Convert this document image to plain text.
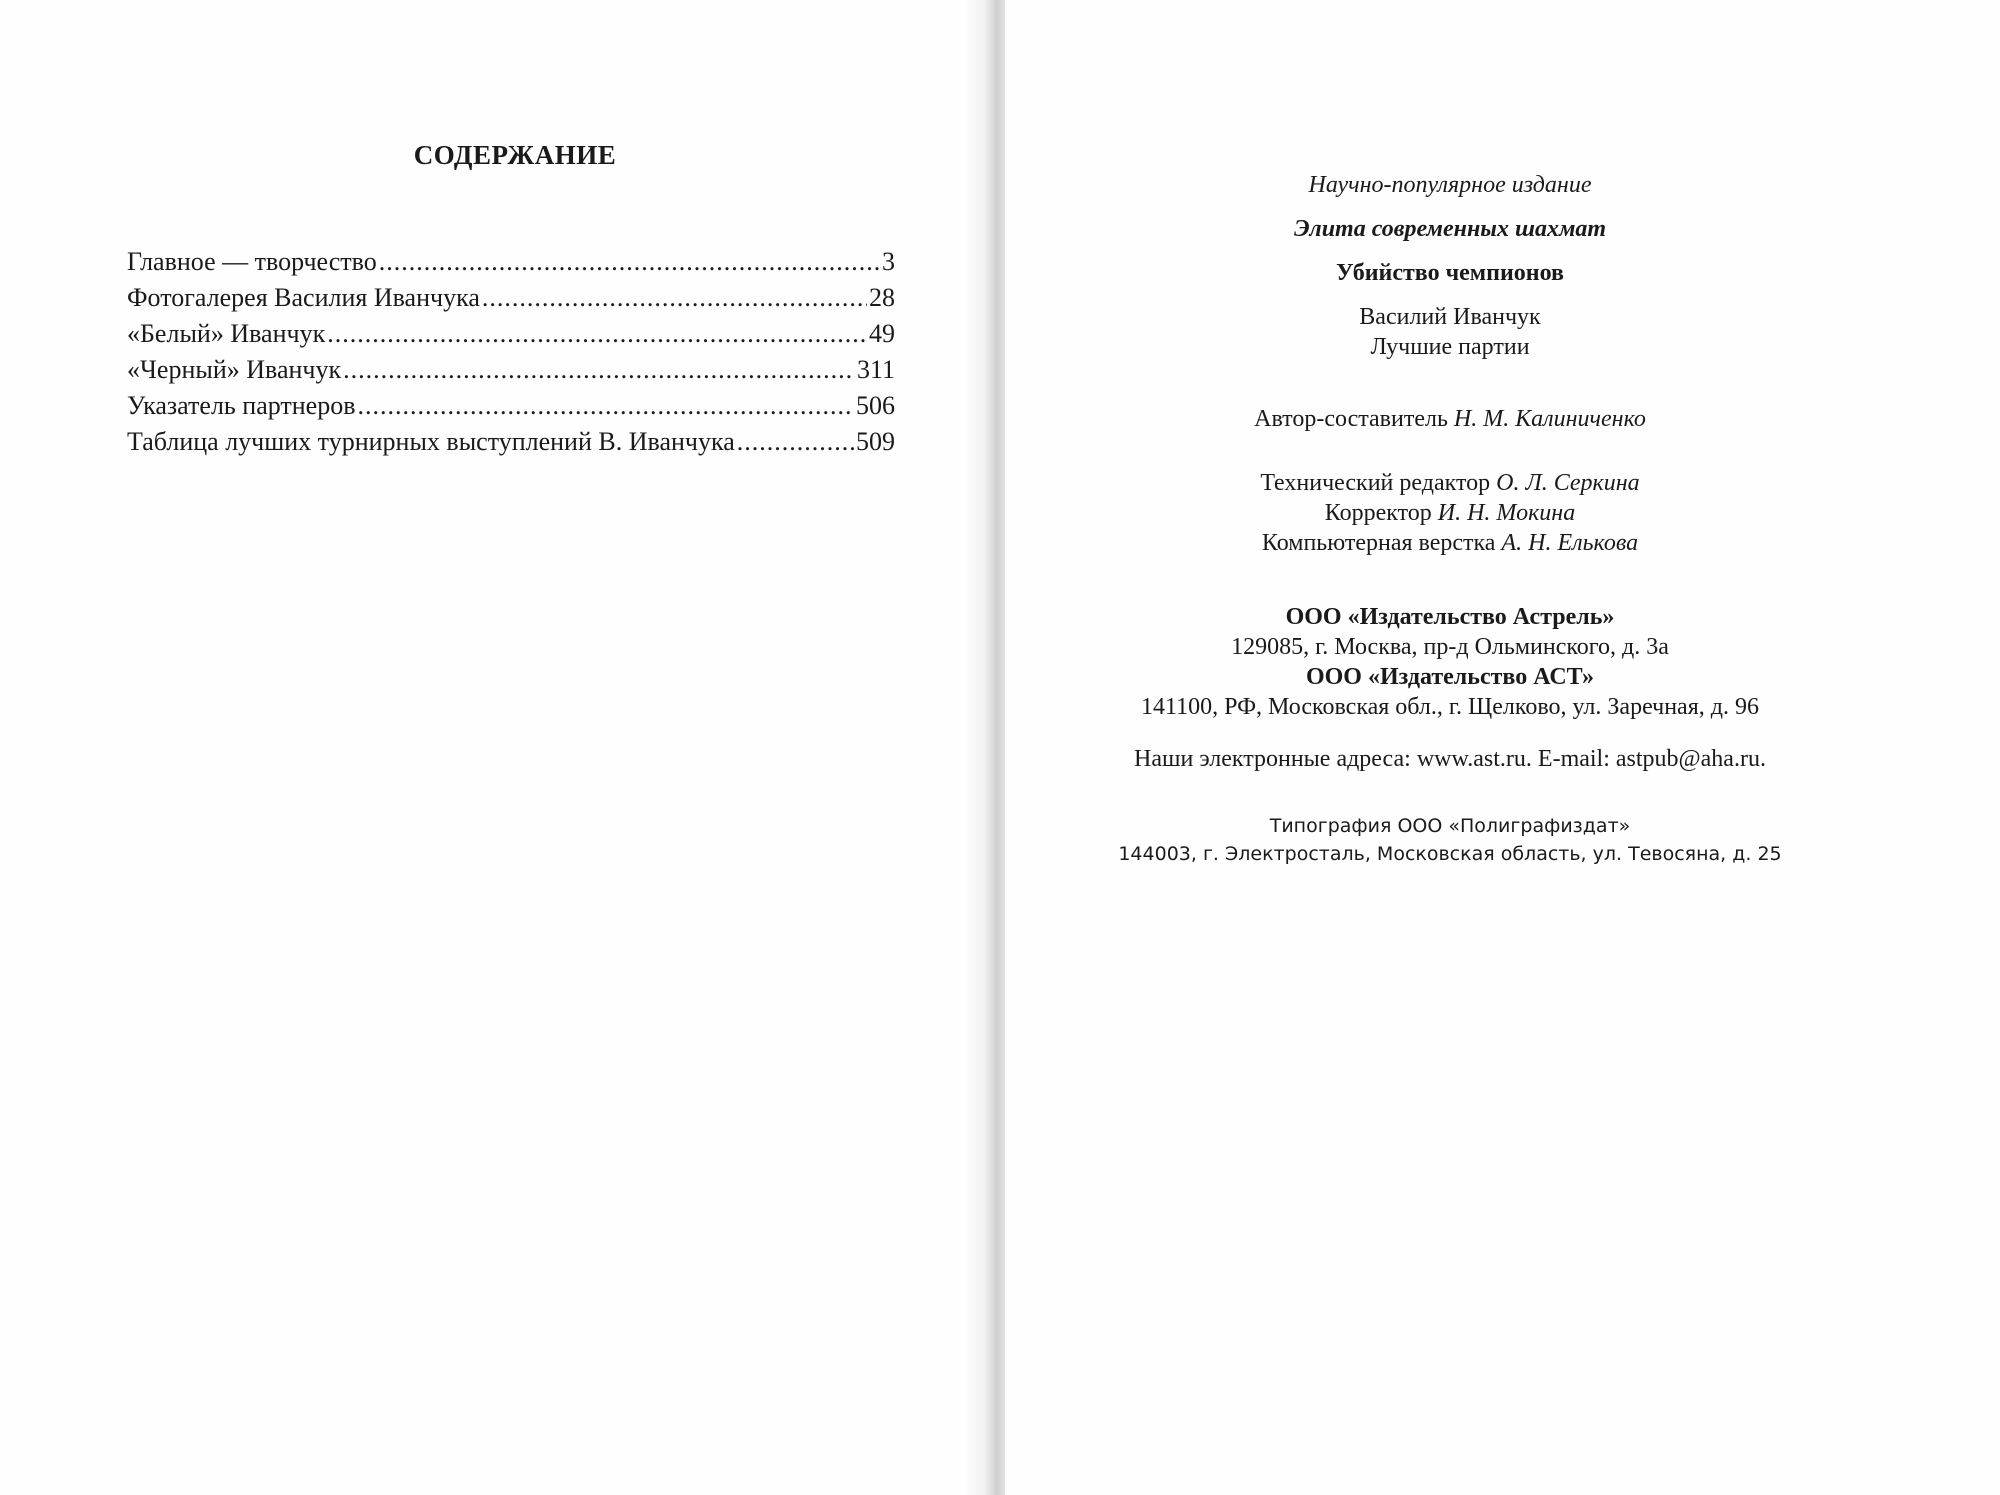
СОДЕРЖАНИЕ
Главное — творчество .....	3
Фотогалерея Василия Иванчука .....	28
«Белый» Иванчук .....	49
«Черный» Иванчук .....	311
Указатель партнеров .....	506
Таблица лучших турнирных выступлений В. Иванчука .....	509

Научно-популярное издание

Элита современных шахмат

Убийство чемпионов

Василий Иванчук

Лучшие партии

Автор-составитель Н. М. Калиниченко

Технический редактор О. Л. Серкина

Корректор И. Н. Мокина

Компьютерная верстка А. Н. Елькова

ООО «Издательство Астрель»

129085, г. Москва, пр-д Ольминского, д. 3а

ООО «Издательство АСТ»

141100, РФ, Московская обл., г. Щелково, ул. Заречная, д. 96

Наши электронные адреса: www.ast.ru. E-mail: astpub@aha.ru.

Типография ООО «Полиграфиздат»

144003, г. Электросталь, Московская область, ул. Тевосяна, д. 25
